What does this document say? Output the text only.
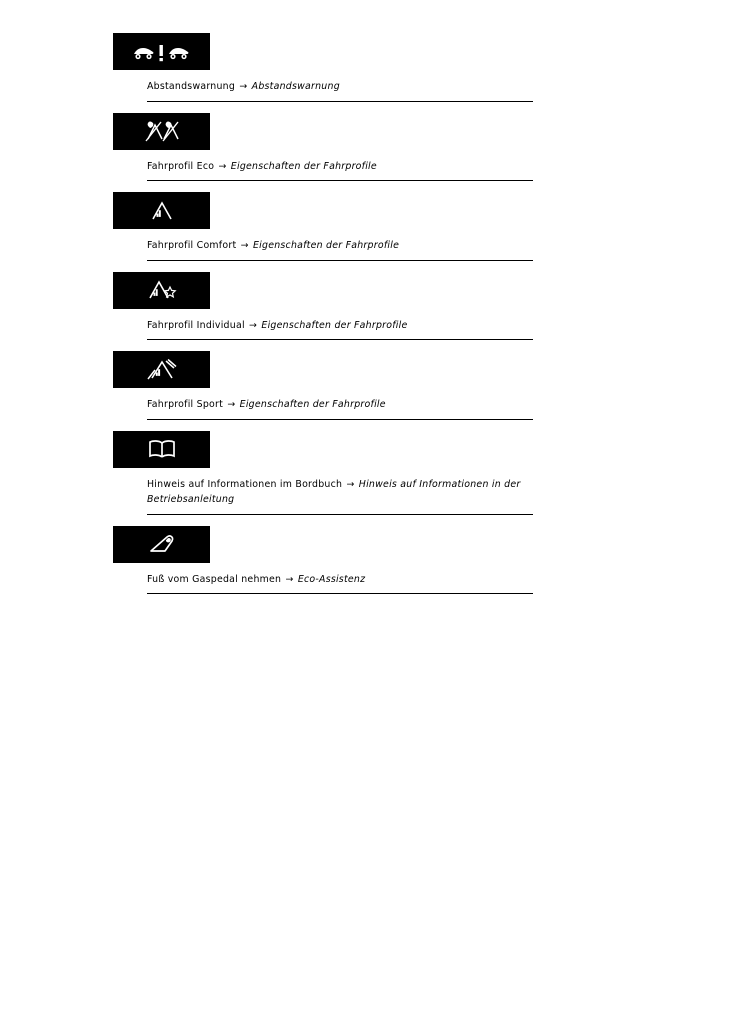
Abstandswarnung → Abstandswarnung
Fahrprofil Eco → Eigenschaften der Fahrprofile
Fahrprofil Comfort → Eigenschaften der Fahrprofile
Fahrprofil Individual → Eigenschaften der Fahrprofile
Fahrprofil Sport → Eigenschaften der Fahrprofile
Hinweis auf Informationen im Bordbuch → Hinweis auf Informationen in der Betriebsanleitung
Fuß vom Gaspedal nehmen → Eco-Assistenz
